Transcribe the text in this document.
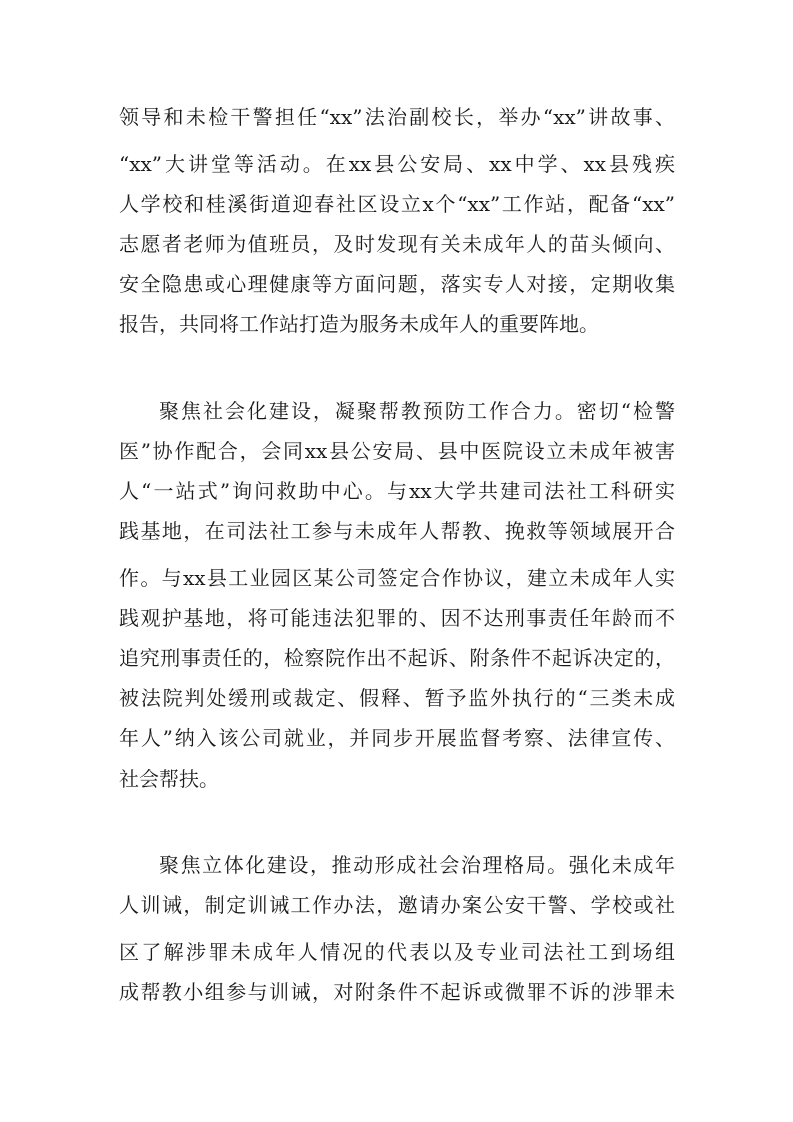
领导和未检干警担任“xx”法治副校长，举办“xx”讲故事、
“xx”大讲堂等活动。在xx县公安局、xx中学、xx县残疾
人学校和桂溪街道迎春社区设立x个“xx”工作站，配备“xx”
志愿者老师为值班员，及时发现有关未成年人的苗头倾向、
安全隐患或心理健康等方面问题，落实专人对接，定期收集
报告，共同将工作站打造为服务未成年人的重要阵地。
聚焦社会化建设，凝聚帮教预防工作合力。密切“检警
医”协作配合，会同xx县公安局、县中医院设立未成年被害
人“一站式”询问救助中心。与xx大学共建司法社工科研实
践基地，在司法社工参与未成年人帮教、挽救等领域展开合
作。与xx县工业园区某公司签定合作协议，建立未成年人实
践观护基地，将可能违法犯罪的、因不达刑事责任年龄而不
追究刑事责任的，检察院作出不起诉、附条件不起诉决定的，
被法院判处缓刑或裁定、假释、暂予监外执行的“三类未成
年人”纳入该公司就业，并同步开展监督考察、法律宣传、
社会帮扶。
聚焦立体化建设，推动形成社会治理格局。强化未成年
人训诫，制定训诫工作办法，邀请办案公安干警、学校或社
区了解涉罪未成年人情况的代表以及专业司法社工到场组
成帮教小组参与训诫，对附条件不起诉或微罪不诉的涉罪未
